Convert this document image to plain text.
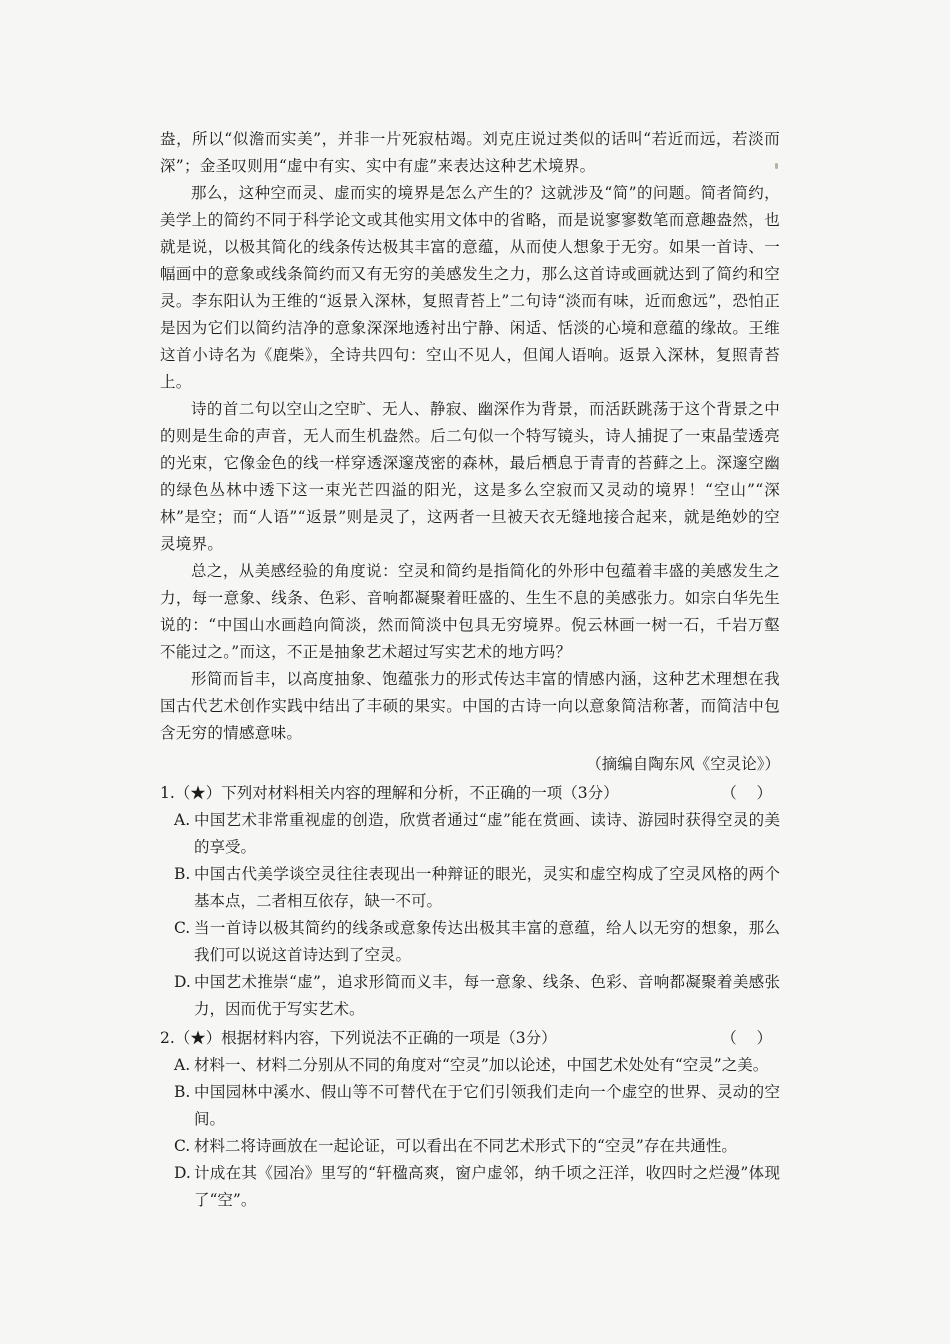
盎，所以“似澹而实美”，并非一片死寂枯竭。刘克庄说过类似的话叫“若近而远，若淡而深”；金圣叹则用“虚中有实、实中有虚”来表达这种艺术境界。

那么，这种空而灵、虚而实的境界是怎么产生的？这就涉及“简”的问题。简者简约，美学上的简约不同于科学论文或其他实用文体中的省略，而是说寥寥数笔而意趣盎然，也就是说，以极其简化的线条传达极其丰富的意蕴，从而使人想象于无穷。如果一首诗、一幅画中的意象或线条简约而又有无穷的美感发生之力，那么这首诗或画就达到了简约和空灵。李东阳认为王维的“返景入深林，复照青苔上”二句诗“淡而有味，近而愈远”，恐怕正是因为它们以简约洁净的意象深深地透衬出宁静、闲适、恬淡的心境和意蕴的缘故。王维这首小诗名为《鹿柴》，全诗共四句：空山不见人，但闻人语响。返景入深林，复照青苔上。

诗的首二句以空山之空旷、无人、静寂、幽深作为背景，而活跃跳荡于这个背景之中的则是生命的声音，无人而生机盎然。后二句似一个特写镜头，诗人捕捉了一束晶莹透亮的光束，它像金色的线一样穿透深邃茂密的森林，最后栖息于青青的苔藓之上。深邃空幽的绿色丛林中透下这一束光芒四溢的阳光，这是多么空寂而又灵动的境界！“空山”“深林”是空；而“人语”“返景”则是灵了，这两者一旦被天衣无缝地接合起来，就是绝妙的空灵境界。

总之，从美感经验的角度说：空灵和简约是指简化的外形中包蕴着丰盛的美感发生之力，每一意象、线条、色彩、音响都凝聚着旺盛的、生生不息的美感张力。如宗白华先生说的：“中国山水画趋向简淡，然而简淡中包具无穷境界。倪云林画一树一石，千岩万壑不能过之。”而这，不正是抽象艺术超过写实艺术的地方吗？

形简而旨丰，以高度抽象、饱蕴张力的形式传达丰富的情感内涵，这种艺术理想在我国古代艺术创作实践中结出了丰硕的果实。中国的古诗一向以意象简洁称著，而简洁中包含无穷的情感意味。

（摘编自陶东风《空灵论》）

1.（★）下列对材料相关内容的理解和分析，不正确的一项（3分）	（    ）
A. 中国艺术非常重视虚的创造，欣赏者通过“虚”能在赏画、读诗、游园时获得空灵的美的享受。
B. 中国古代美学谈空灵往往表现出一种辩证的眼光，灵实和虚空构成了空灵风格的两个基本点，二者相互依存，缺一不可。
C. 当一首诗以极其简约的线条或意象传达出极其丰富的意蕴，给人以无穷的想象，那么我们可以说这首诗达到了空灵。
D. 中国艺术推崇“虚”，追求形简而义丰，每一意象、线条、色彩、音响都凝聚着美感张力，因而优于写实艺术。
2.（★）根据材料内容，下列说法不正确的一项是（3分）	（    ）
A. 材料一、材料二分别从不同的角度对“空灵”加以论述，中国艺术处处有“空灵”之美。
B. 中国园林中溪水、假山等不可替代在于它们引领我们走向一个虚空的世界、灵动的空间。
C. 材料二将诗画放在一起论证，可以看出在不同艺术形式下的“空灵”存在共通性。
D. 计成在其《园冶》里写的“轩楹高爽，窗户虚邻，纳千顷之汪洋，收四时之烂漫”体现了“空”。
